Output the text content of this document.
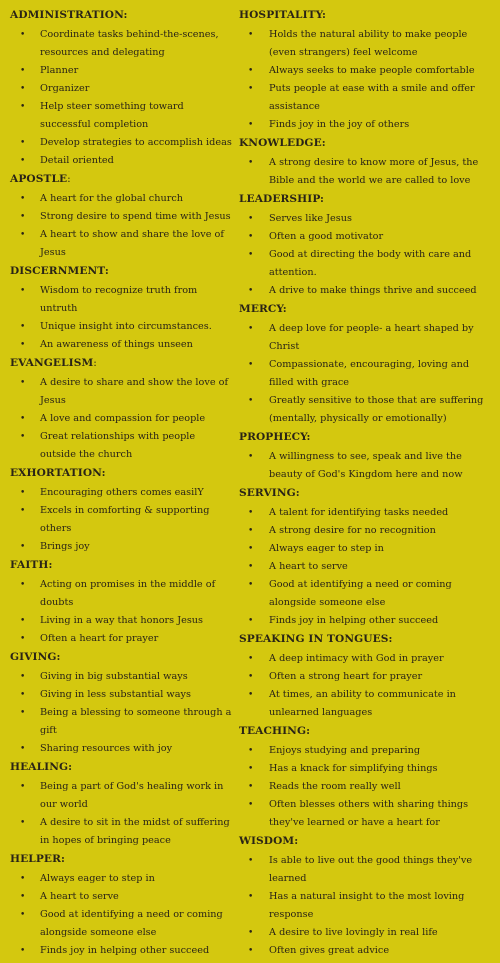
ADMINISTRATION:
• Coordinate tasks behind-the-scenes, resources and delegating
• Planner
• Organizer
• Help steer something toward successful completion
• Develop strategies to accomplish ideas
• Detail oriented
APOSTLE:
• A heart for the global church
• Strong desire to spend time with Jesus
• A heart to show and share the love of Jesus
DISCERNMENT:
• Wisdom to recognize truth from untruth
• Unique insight into circumstances.
• An awareness of things unseen
EVANGELISM:
• A desire to share and show the love of Jesus
• A love and compassion for people
• Great relationships with people outside the church
EXHORTATION:
• Encouraging others comes easilY
• Excels in comforting & supporting others
• Brings joy
FAITH:
• Acting on promises in the middle of doubts
• Living in a way that honors Jesus
• Often a heart for prayer
GIVING:
• Giving in big substantial ways
• Giving in less substantial ways
• Being a blessing to someone through a gift
• Sharing resources with joy
HEALING:
• Being a part of God's healing work in our world
• A desire to sit in the midst of suffering in hopes of bringing peace
HELPER:
• Always eager to step in
• A heart to serve
• Good at identifying a need or coming alongside someone else
• Finds joy in helping other succeed
HOSPITALITY:
• Holds the natural ability to make people (even strangers) feel welcome
• Always seeks to make people comfortable
• Puts people at ease with a smile and offer assistance
• Finds joy in the joy of others
KNOWLEDGE:
• A strong desire to know more of Jesus, the Bible and the world we are called to love
LEADERSHIP:
• Serves like Jesus
• Often a good motivator
• Good at directing the body with care and attention.
• A drive to make things thrive and succeed
MERCY:
• A deep love for people- a heart shaped by Christ
• Compassionate, encouraging, loving and filled with grace
• Greatly sensitive to those that are suffering (mentally, physically or emotionally)
PROPHECY:
• A willingness to see, speak and live the beauty of God's Kingdom here and now
SERVING:
• A talent for identifying tasks needed
• A strong desire for no recognition
• Always eager to step in
• A heart to serve
• Good at identifying a need or coming alongside someone else
• Finds joy in helping other succeed
SPEAKING IN TONGUES:
• A deep intimacy with God in prayer
• Often a strong heart for prayer
• At times, an ability to communicate in unlearned languages
TEACHING:
• Enjoys studying and preparing
• Has a knack for simplifying things
• Reads the room really well
• Often blesses others with sharing things they've learned or have a heart for
WISDOM:
• Is able to live out the good things they've learned
• Has a natural insight to the most loving response
• A desire to live lovingly in real life
• Often gives great advice
